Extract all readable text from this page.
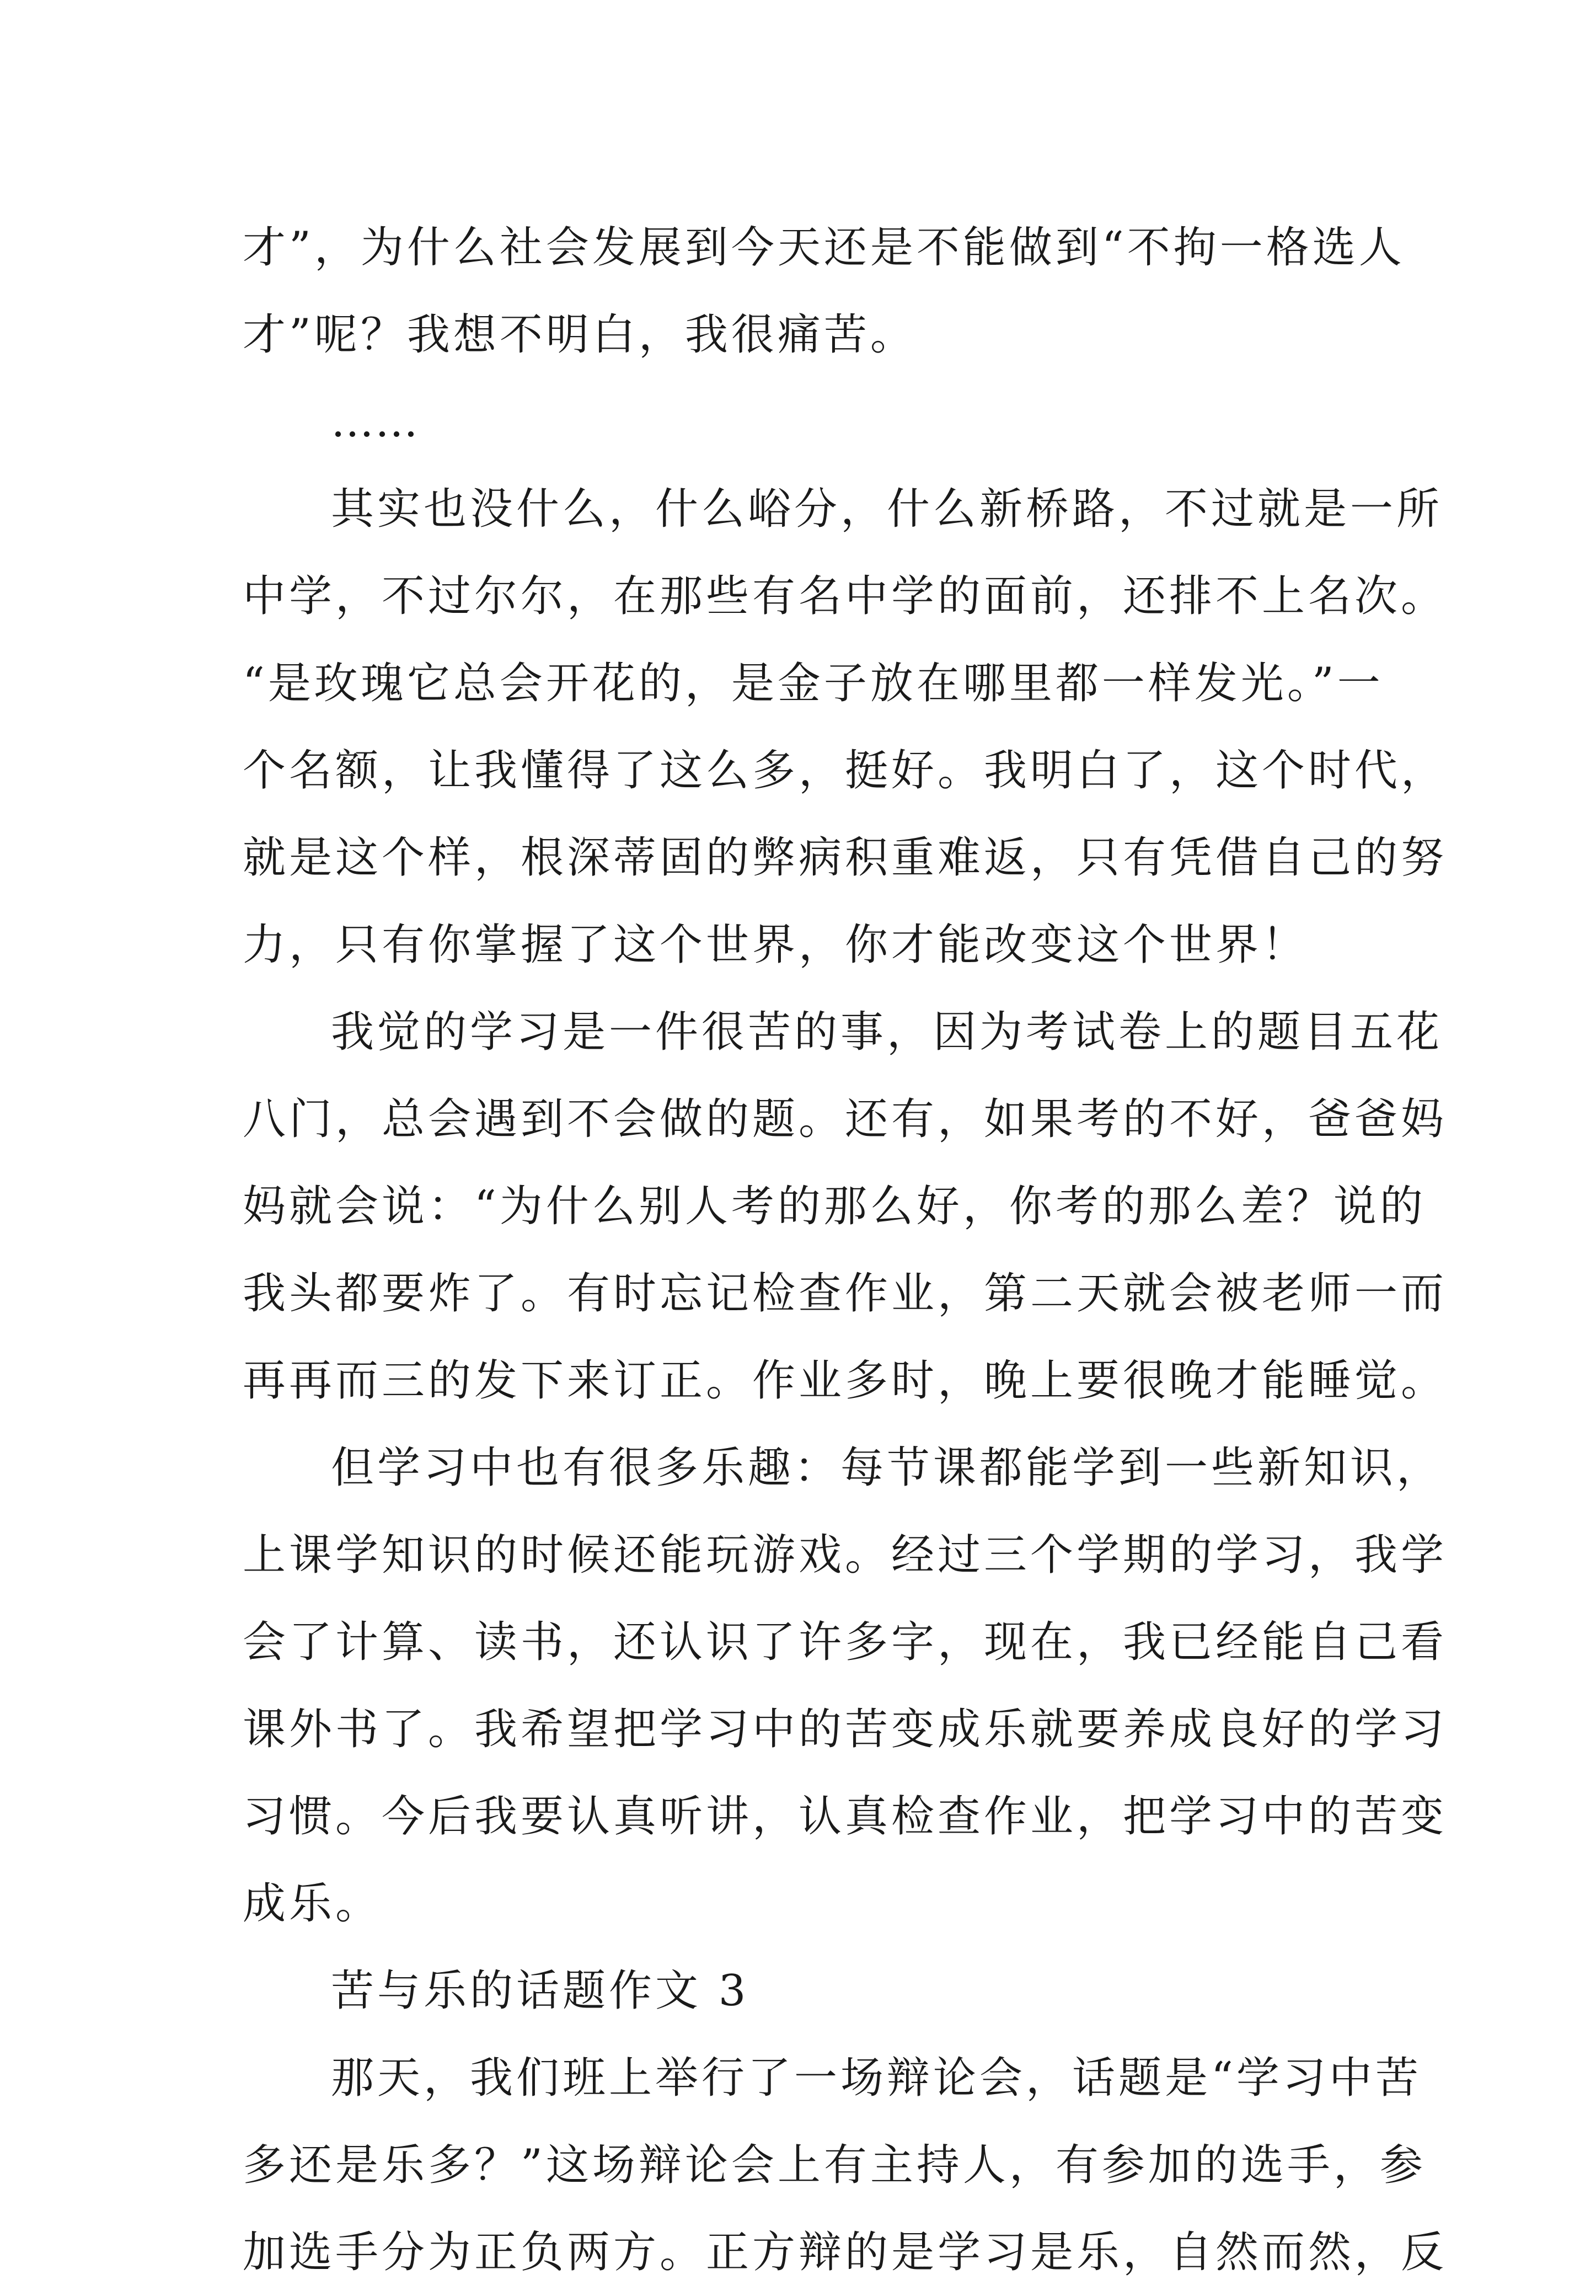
才”，为什么社会发展到今天还是不能做到“不拘一格选人
才”呢？我想不明白，我很痛苦。
……
其实也没什么，什么峪分，什么新桥路，不过就是一所
中学，不过尔尔，在那些有名中学的面前，还排不上名次。
“是玫瑰它总会开花的，是金子放在哪里都一样发光。”一
个名额，让我懂得了这么多，挺好。我明白了，这个时代，
就是这个样，根深蒂固的弊病积重难返，只有凭借自己的努
力，只有你掌握了这个世界，你才能改变这个世界！
我觉的学习是一件很苦的事，因为考试卷上的题目五花
八门，总会遇到不会做的题。还有，如果考的不好，爸爸妈
妈就会说：“为什么别人考的那么好，你考的那么差？说的
我头都要炸了。有时忘记检查作业，第二天就会被老师一而
再再而三的发下来订正。作业多时，晚上要很晚才能睡觉。
但学习中也有很多乐趣：每节课都能学到一些新知识，
上课学知识的时候还能玩游戏。经过三个学期的学习，我学
会了计算、读书，还认识了许多字，现在，我已经能自己看
课外书了。我希望把学习中的苦变成乐就要养成良好的学习
习惯。今后我要认真听讲，认真检查作业，把学习中的苦变
成乐。
苦与乐的话题作文 3
那天，我们班上举行了一场辩论会，话题是“学习中苦
多还是乐多？”这场辩论会上有主持人，有参加的选手，参
加选手分为正负两方。正方辩的是学习是乐，自然而然，反
